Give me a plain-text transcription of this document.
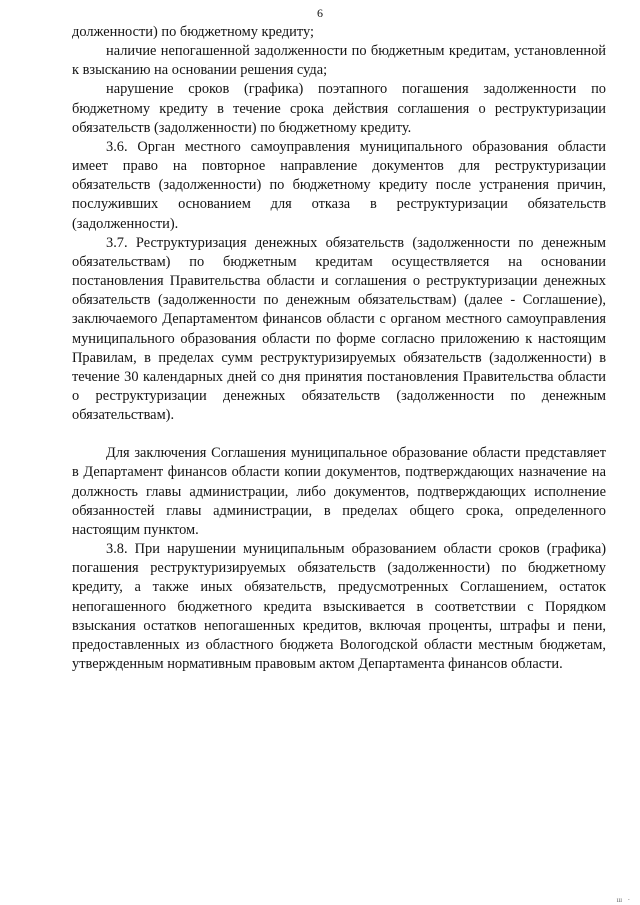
6

долженности) по бюджетному кредиту;

наличие непогашенной задолженности по бюджетным кредитам, установленной к взысканию на основании решения суда;

нарушение сроков (графика) поэтапного погашения задолженности по бюджетному кредиту в течение срока действия соглашения о реструктуризации обязательств (задолженности) по бюджетному кредиту.

3.6. Орган местного самоуправления муниципального образования области имеет право на повторное направление документов для реструктуризации обязательств (задолженности) по бюджетному кредиту после устранения причин, послуживших основанием для отказа в реструктуризации обязательств (задолженности).

3.7. Реструктуризация денежных обязательств (задолженности по денежным обязательствам) по бюджетным кредитам осуществляется на основании постановления Правительства области и соглашения о реструктуризации денежных обязательств (задолженности по денежным обязательствам) (далее - Соглашение), заключаемого Департаментом финансов области с органом местного самоуправления муниципального образования области по форме согласно приложению к настоящим Правилам, в пределах сумм реструктуризируемых обязательств (задолженности) в течение 30 календарных дней со дня принятия постановления Правительства области о реструктуризации денежных обязательств (задолженности по денежным обязательствам).

Для заключения Соглашения муниципальное образование области представляет в Департамент финансов области копии документов, подтверждающих назначение на должность главы администрации, либо документов, подтверждающих исполнение обязанностей главы администрации, в пределах общего срока, определенного настоящим пунктом.

3.8. При нарушении муниципальным образованием области сроков (графика) погашения реструктуризируемых обязательств (задолженности) по бюджетному кредиту, а также иных обязательств, предусмотренных Соглашением, остаток непогашенного бюджетного кредита взыскивается в соответствии с Порядком взыскания остатков непогашенных кредитов, включая проценты, штрафы и пени, предоставленных из областного бюджета Вологодской области местным бюджетам, утвержденным нормативным правовым актом Департамента финансов области.

ш ‧
